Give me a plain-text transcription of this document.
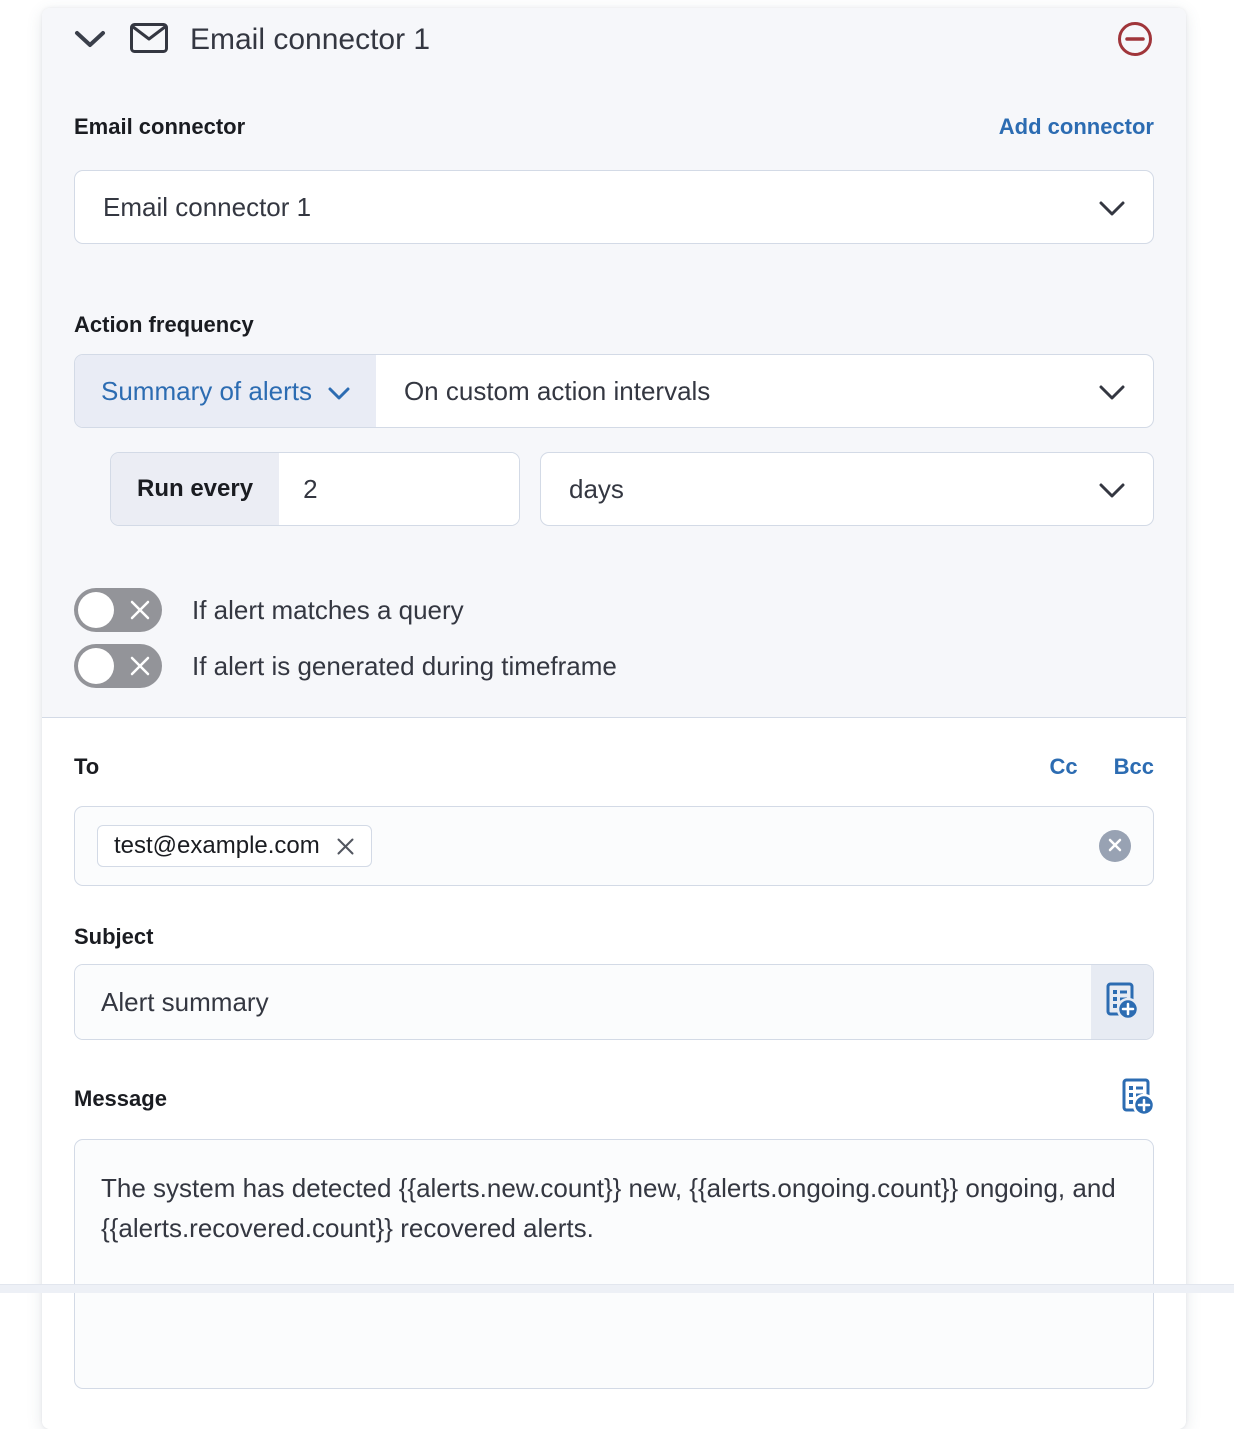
Email connector 1
Email connector	Add connector
Email connector 1
Action frequency
Summary of alerts	On custom action intervals
Run every
2	days
If alert matches a query
If alert is generated during timeframe
To	Cc Bcc
test@example.com
Subject
Alert summary
Message
The system has detected {{alerts.new.count}} new, {{alerts.ongoing.count}} ongoing, and {{alerts.recovered.count}} recovered alerts.
